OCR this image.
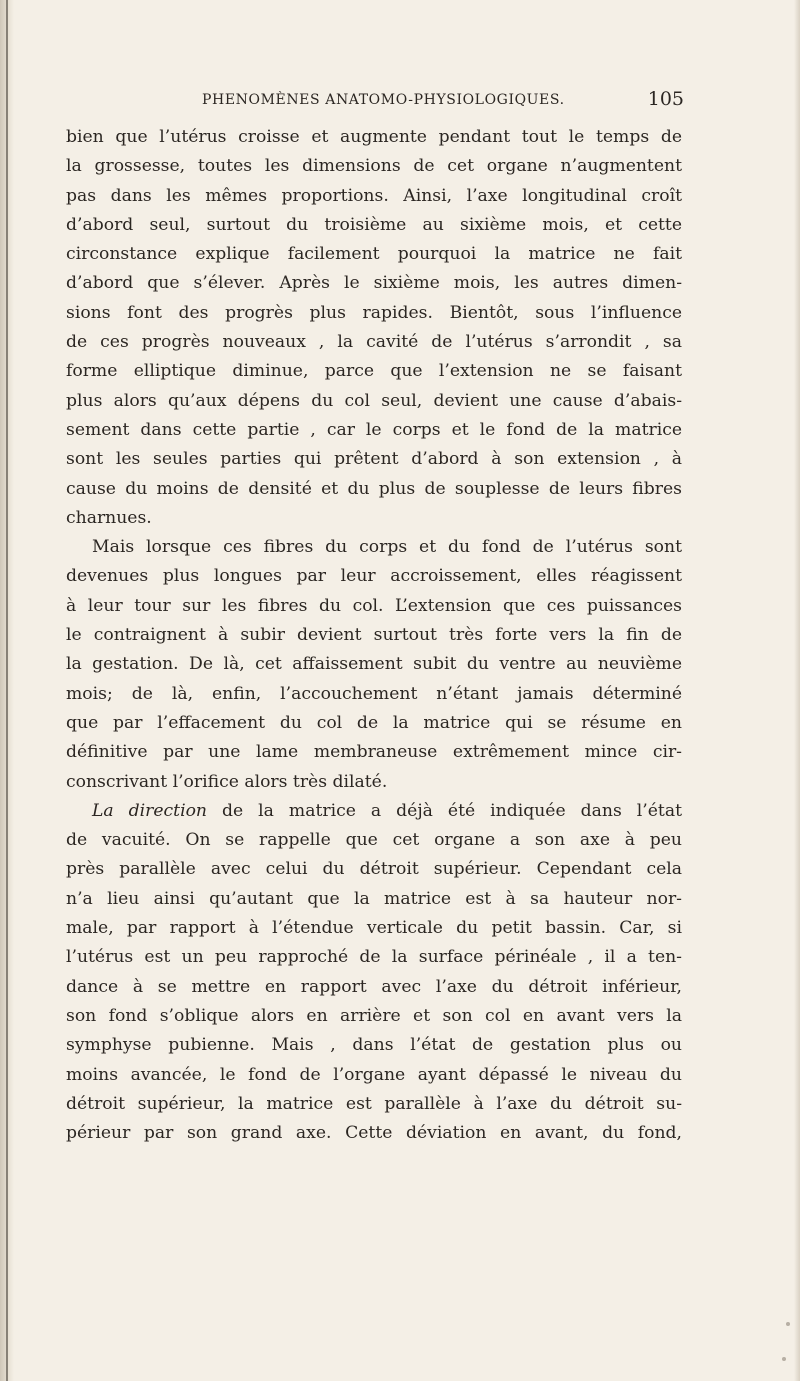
PHENOMÈNES ANATOMO-PHYSIOLOGIQUES.	105
bien que l’utérus croisse et augmente pendant tout le temps de
la grossesse, toutes les dimensions de cet organe n’augmentent
pas dans les mêmes proportions. Ainsi, l’axe longitudinal croît
d’abord seul, surtout du troisième au sixième mois, et cette
circonstance explique facilement pourquoi la matrice ne fait
d’abord que s’élever. Après le sixième mois, les autres dimen-
sions font des progrès plus rapides. Bientôt, sous l’influence
de ces progrès nouveaux , la cavité de l’utérus s’arrondit , sa
forme elliptique diminue, parce que l’extension ne se faisant
plus alors qu’aux dépens du col seul, devient une cause d’abais-
sement dans cette partie , car le corps et le fond de la matrice
sont les seules parties qui prêtent d’abord à son extension , à
cause du moins de densité et du plus de souplesse de leurs fibres
charnues.
Mais lorsque ces fibres du corps et du fond de l’utérus sont
devenues plus longues par leur accroissement, elles réagissent
à leur tour sur les fibres du col. L’extension que ces puissances
le contraignent à subir devient surtout très forte vers la fin de
la gestation. De là, cet affaissement subit du ventre au neuvième
mois; de là, enfin, l’accouchement n’étant jamais déterminé
que par l’effacement du col de la matrice qui se résume en
définitive par une lame membraneuse extrêmement mince cir-
conscrivant l’orifice alors très dilaté.
La direction de la matrice a déjà été indiquée dans l’état
de vacuité. On se rappelle que cet organe a son axe à peu
près parallèle avec celui du détroit supérieur. Cependant cela
n’a lieu ainsi qu’autant que la matrice est à sa hauteur nor-
male, par rapport à l’étendue verticale du petit bassin. Car, si
l’utérus est un peu rapproché de la surface périnéale , il a ten-
dance à se mettre en rapport avec l’axe du détroit inférieur,
son fond s’oblique alors en arrière et son col en avant vers la
symphyse pubienne. Mais , dans l’état de gestation plus ou
moins avancée, le fond de l’organe ayant dépassé le niveau du
détroit supérieur, la matrice est parallèle à l’axe du détroit su-
périeur par son grand axe. Cette déviation en avant, du fond,
